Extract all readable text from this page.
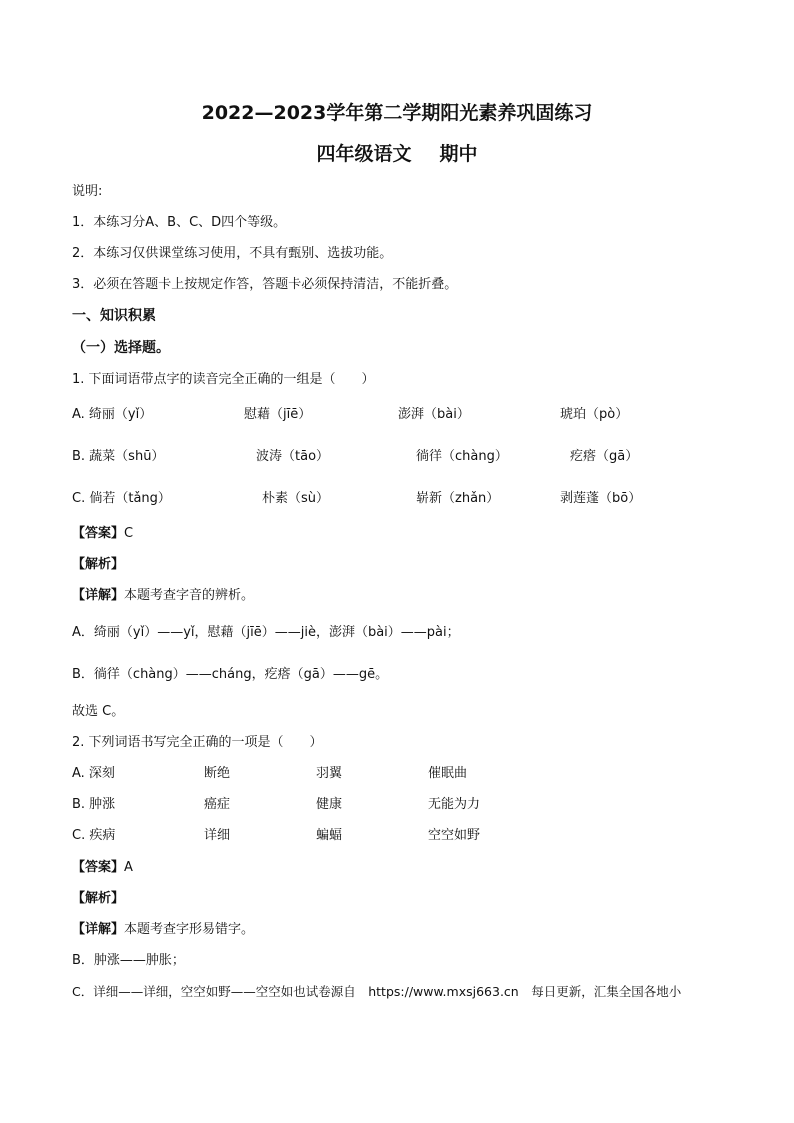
2022—2023学年第二学期阳光素养巩固练习
四年级语文 期中
说明:
1．本练习分A、B、C、D四个等级。
2．本练习仅供课堂练习使用，不具有甄别、选拔功能。
3．必须在答题卡上按规定作答，答题卡必须保持清洁，不能折叠。
一、知识积累
（一）选择题。
1. 下面词语带点字的读音完全正确的一组是（　　）
A. 绮丽（yǐ）	慰藉（jīē）	澎湃（bài）	琥珀（pò）
B. 蔬菜（shū）	波涛（tāo）	徜徉（chàng）	疙瘩（gā）
C. 倘若（tǎng）	朴素（sù）	崭新（zhǎn）	剥莲蓬（bō）
【答案】C
【解析】
【详解】本题考查字音的辨析。
A．绮丽（yǐ）——yǐ，慰藉（jīē）——jiè，澎湃（bài）——pài；
B．徜徉（chàng）——cháng，疙瘩（gā）——gē。
故选 C。
2. 下列词语书写完全正确的一项是（　　）
A. 深刻	断绝	羽翼	催眠曲
B. 肿涨	癌症	健康	无能为力
C. 疾病	详细	蝙蝠	空空如野
【答案】A
【解析】
【详解】本题考查字形易错字。
B．肿涨——肿胀；
C．详细——详细，空空如野——空空如也试卷源自　https://www.mxsj663.cn　每日更新，汇集全国各地小
